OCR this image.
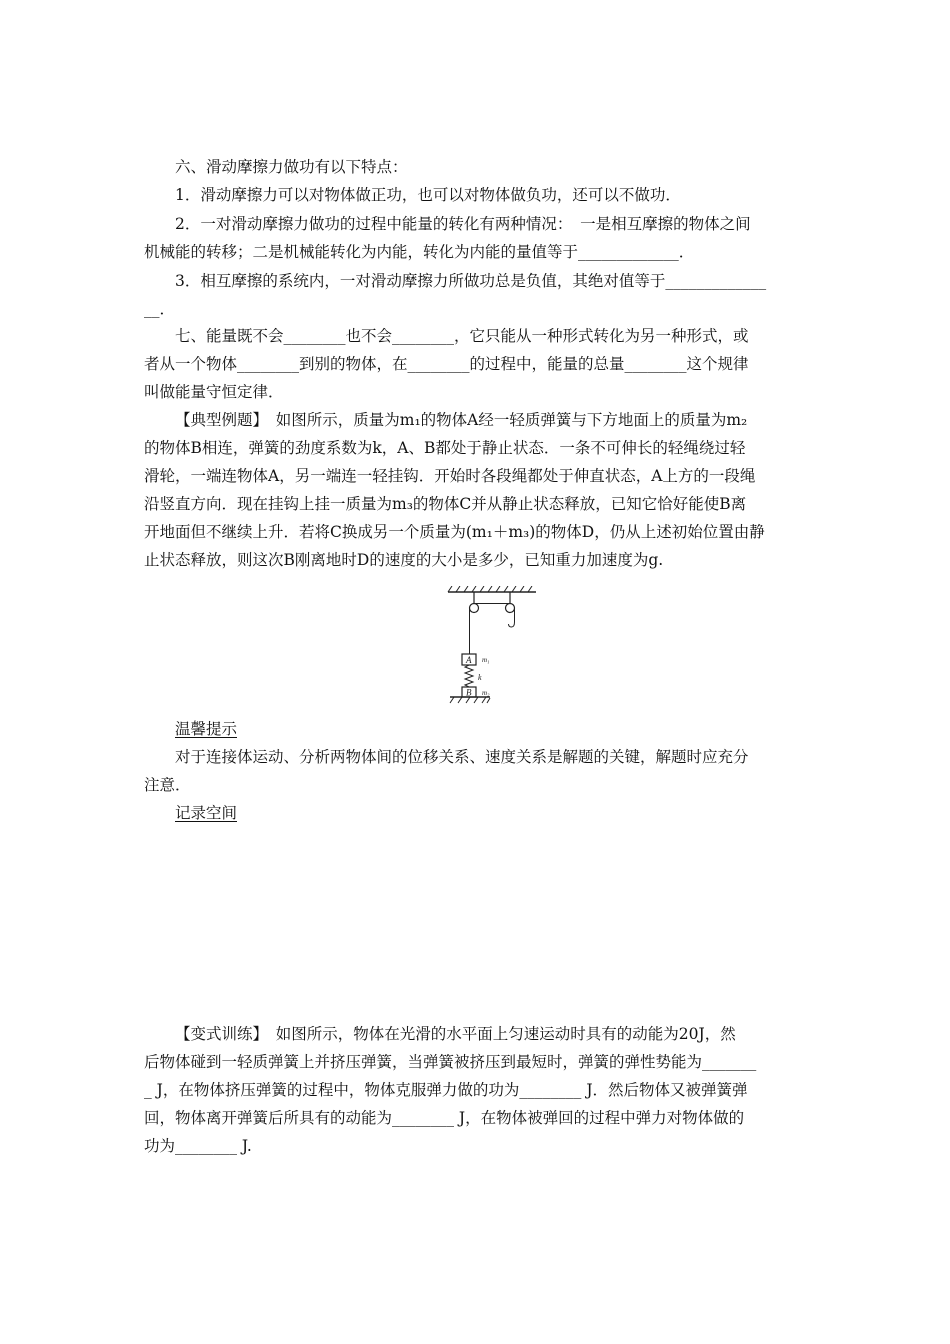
六、滑动摩擦力做功有以下特点：
1．滑动摩擦力可以对物体做正功，也可以对物体做负功，还可以不做功．
2．一对滑动摩擦力做功的过程中能量的转化有两种情况：　一是相互摩擦的物体之间
机械能的转移；二是机械能转化为内能，转化为内能的量值等于_____________．
3．相互摩擦的系统内，一对滑动摩擦力所做功总是负值，其绝对值等于_____________
__．
七、能量既不会________也不会________，它只能从一种形式转化为另一种形式，或
者从一个物体________到别的物体，在________的过程中，能量的总量________这个规律
叫做能量守恒定律．
【典型例题】　如图所示，质量为m₁的物体A经一轻质弹簧与下方地面上的质量为m₂
的物体B相连，弹簧的劲度系数为k，A、B都处于静止状态．一条不可伸长的轻绳绕过轻
滑轮，一端连物体A，另一端连一轻挂钩．开始时各段绳都处于伸直状态，A上方的一段绳
沿竖直方向．现在挂钩上挂一质量为m₃的物体C并从静止状态释放，已知它恰好能使B离
开地面但不继续上升．若将C换成另一个质量为(m₁＋m₃)的物体D，仍从上述初始位置由静
止状态释放，则这次B刚离地时D的速度的大小是多少，已知重力加速度为g.
A m₁
k
B m₂
温馨提示
对于连接体运动、分析两物体间的位移关系、速度关系是解题的关键，解题时应充分
注意．
记录空间
【变式训练】　如图所示，物体在光滑的水平面上匀速运动时具有的动能为20J，然
后物体碰到一轻质弹簧上并挤压弹簧，当弹簧被挤压到最短时，弹簧的弹性势能为_______
_ J，在物体挤压弹簧的过程中，物体克服弹力做的功为________ J．然后物体又被弹簧弹
回，物体离开弹簧后所具有的动能为________ J，在物体被弹回的过程中弹力对物体做的
功为________ J.
